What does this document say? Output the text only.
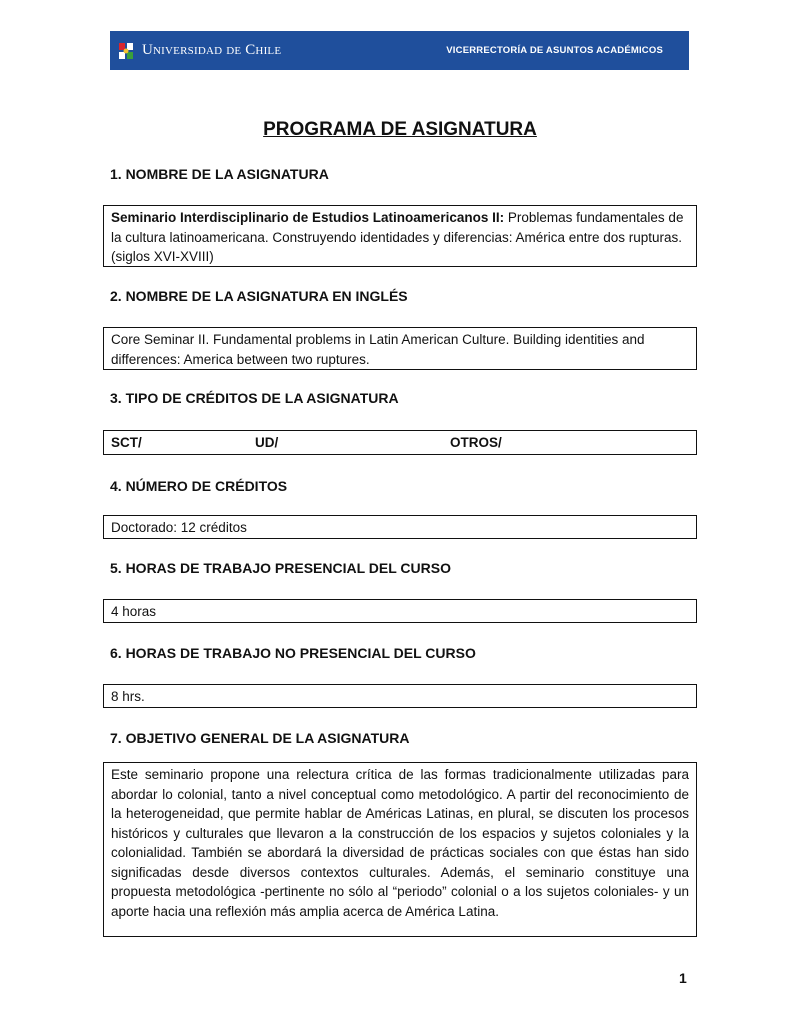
Universidad de Chile	VICERRECTORÍA DE ASUNTOS ACADÉMICOS
PROGRAMA DE ASIGNATURA
1. NOMBRE DE LA ASIGNATURA
Seminario Interdisciplinario de Estudios Latinoamericanos II: Problemas fundamentales de la cultura latinoamericana. Construyendo identidades y diferencias: América entre dos rupturas. (siglos XVI-XVIII)
2. NOMBRE DE LA ASIGNATURA EN INGLÉS
Core Seminar II. Fundamental problems in Latin American Culture. Building identities and differences: America between two ruptures.
3. TIPO DE CRÉDITOS DE LA ASIGNATURA
SCT/	UD/	OTROS/
4. NÚMERO DE CRÉDITOS
Doctorado: 12 créditos
5. HORAS DE TRABAJO PRESENCIAL DEL CURSO
4 horas
6. HORAS DE TRABAJO NO PRESENCIAL DEL CURSO
8 hrs.
7. OBJETIVO GENERAL DE LA ASIGNATURA
Este seminario propone una relectura crítica de las formas tradicionalmente utilizadas para abordar lo colonial, tanto a nivel conceptual como metodológico. A partir del reconocimiento de la heterogeneidad, que permite hablar de Américas Latinas, en plural, se discuten los procesos históricos y culturales que llevaron a la construcción de los espacios y sujetos coloniales y la colonialidad. También se abordará la diversidad de prácticas sociales con que éstas han sido significadas desde diversos contextos culturales. Además, el seminario constituye una propuesta metodológica -pertinente no sólo al “periodo” colonial o a los sujetos coloniales- y un aporte hacia una reflexión más amplia acerca de América Latina.
1
